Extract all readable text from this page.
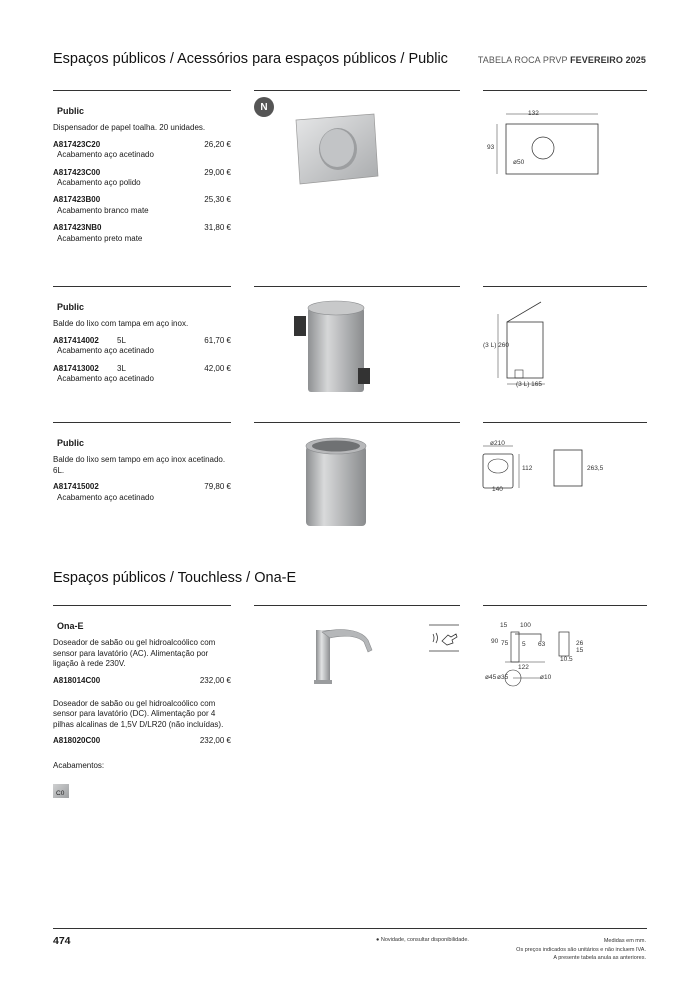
Espaços públicos / Acessórios para espaços públicos / Public	TABELA ROCA PRVP FEVEREIRO 2025
Public
Dispensador de papel toalha. 20 unidades.
A817423C20	26,20 €
Acabamento aço acetinado
A817423C00	29,00 €
Acabamento aço polido
A817423B00	25,30 €
Acabamento branco mate
A817423NB0	31,80 €
Acabamento preto mate
N
132
93
ø50
Public
Balde do lixo com tampa em aço inox.
A817414002 5L	61,70 €
Acabamento aço acetinado
A817413002 3L	42,00 €
Acabamento aço acetinado
(3 L) 260
(3 L) 165
Public
Balde do lixo sem tampo em aço inox acetinado. 6L.
A817415002	79,80 €
Acabamento aço acetinado
ø210
112
140
263,5
Espaços públicos / Touchless / Ona-E
Ona-E
Doseador de sabão ou gel hidroalcoólico com sensor para lavatório (AC). Alimentação por ligação à rede 230V.
A818014C00	232,00 €
Doseador de sabão ou gel hidroalcoólico com sensor para lavatório (DC). Alimentação por 4 pilhas alcalinas de 1,5V D/LR20 (não incluídas).
A818020C00	232,00 €
Acabamentos:
C0
15 100
90 75 5 63	26
15
10.5
122
ø45 ø35	ø10
474	● Novidade, consultar disponibilidade.	Medidas em mm.
Os preços indicados são unitários e não incluem IVA.
A presente tabela anula as anteriores.
